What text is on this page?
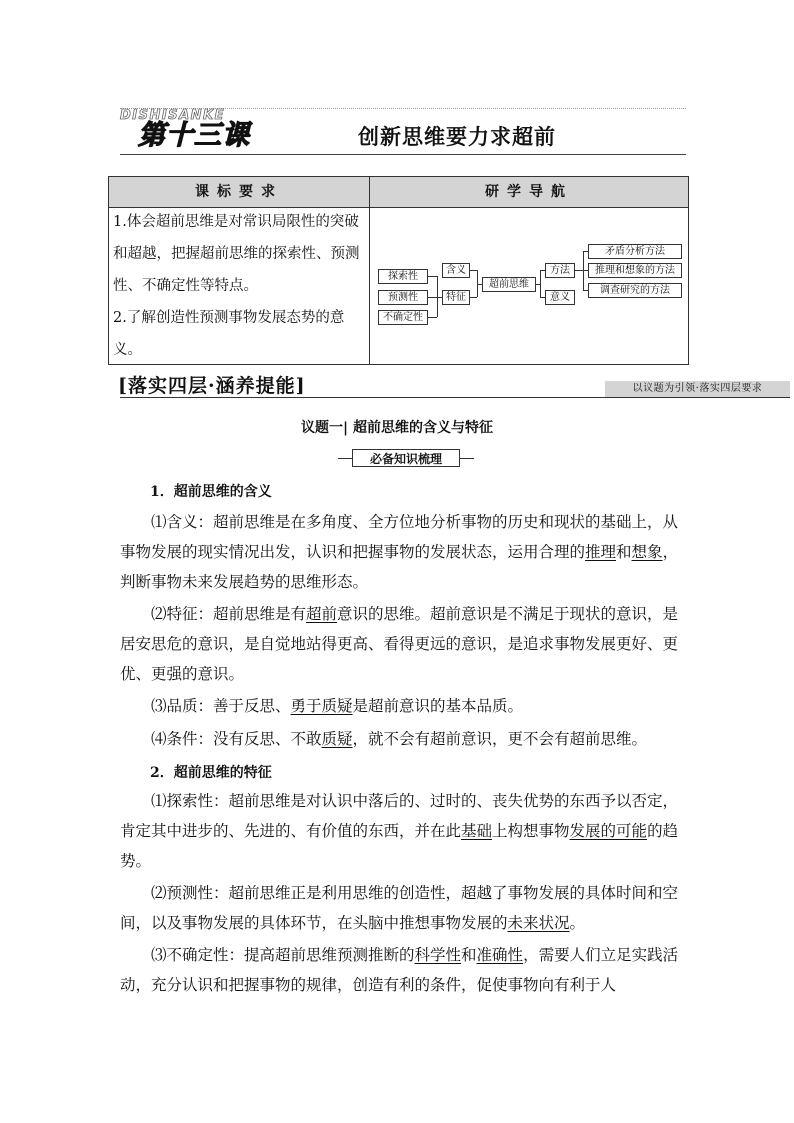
DISHISANKE
第十三课	创新思维要力求超前
课标要求	研学导航
1.体会超前思维是对常识局限性的突破和超越，把握超前思维的探索性、预测性、不确定性等特点。
2.了解创造性预测事物发展态势的意义。
探索性
预测性
不确定性
含义
特征
超前思维
方法
意义
矛盾分析方法
推理和想象的方法
调查研究的方法
[落实四层·涵养提能]	以议题为引领·落实四层要求
议题一| 超前思维的含义与特征
必备知识梳理
1．超前思维的含义
⑴含义：超前思维是在多角度、全方位地分析事物的历史和现状的基础上，从事物发展的现实情况出发，认识和把握事物的发展状态，运用合理的推理和想象，判断事物未来发展趋势的思维形态。
⑵特征：超前思维是有超前意识的思维。超前意识是不满足于现状的意识，是居安思危的意识，是自觉地站得更高、看得更远的意识，是追求事物发展更好、更优、更强的意识。
⑶品质：善于反思、勇于质疑是超前意识的基本品质。
⑷条件：没有反思、不敢质疑，就不会有超前意识，更不会有超前思维。
2．超前思维的特征
⑴探索性：超前思维是对认识中落后的、过时的、丧失优势的东西予以否定，肯定其中进步的、先进的、有价值的东西，并在此基础上构想事物发展的可能的趋势。
⑵预测性：超前思维正是利用思维的创造性，超越了事物发展的具体时间和空间，以及事物发展的具体环节，在头脑中推想事物发展的未来状况。
⑶不确定性：提高超前思维预测推断的科学性和准确性，需要人们立足实践活动，充分认识和把握事物的规律，创造有利的条件，促使事物向有利于人
